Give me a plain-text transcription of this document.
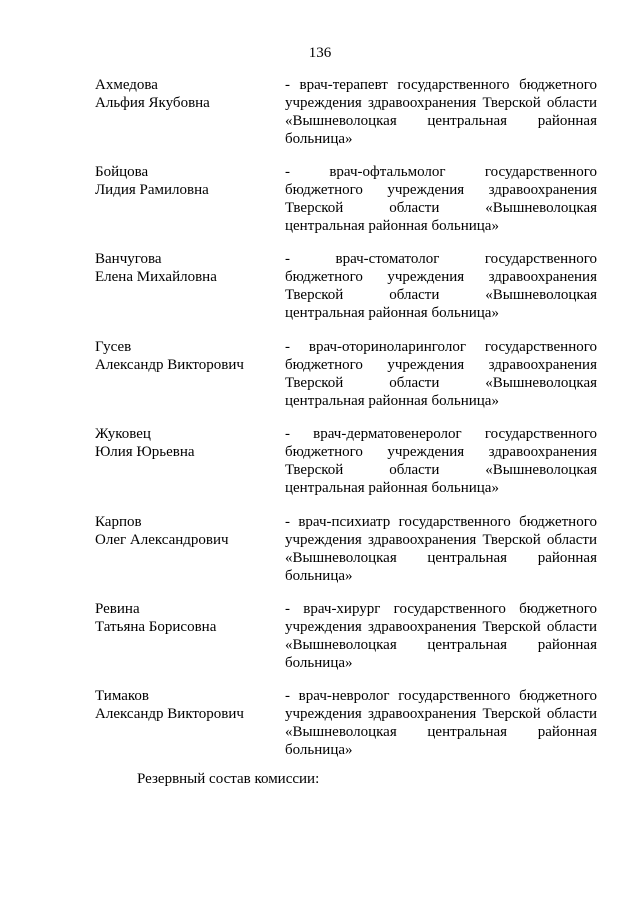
136
Ахмедова
Альфия Якубовна
- врач-терапевт государственного бюджетного
учреждения здравоохранения Тверской области
«Вышневолоцкая центральная районная
больница»
Бойцова
Лидия Рамиловна
- врач-офтальмолог государственного
бюджетного учреждения здравоохранения
Тверской области «Вышневолоцкая
центральная районная больница»
Ванчугова
Елена Михайловна
- врач-стоматолог государственного
бюджетного учреждения здравоохранения
Тверской области «Вышневолоцкая
центральная районная больница»
Гусев
Александр Викторович
- врач-оториноларинголог государственного
бюджетного учреждения здравоохранения
Тверской области «Вышневолоцкая
центральная районная больница»
Жуковец
Юлия Юрьевна
- врач-дерматовенеролог государственного
бюджетного учреждения здравоохранения
Тверской области «Вышневолоцкая
центральная районная больница»
Карпов
Олег Александрович
- врач-психиатр государственного бюджетного
учреждения здравоохранения Тверской области
«Вышневолоцкая центральная районная
больница»
Ревина
Татьяна Борисовна
- врач-хирург государственного бюджетного
учреждения здравоохранения Тверской области
«Вышневолоцкая центральная районная
больница»
Тимаков
Александр Викторович
- врач-невролог государственного бюджетного
учреждения здравоохранения Тверской области
«Вышневолоцкая центральная районная
больница»
Резервный состав комиссии:
